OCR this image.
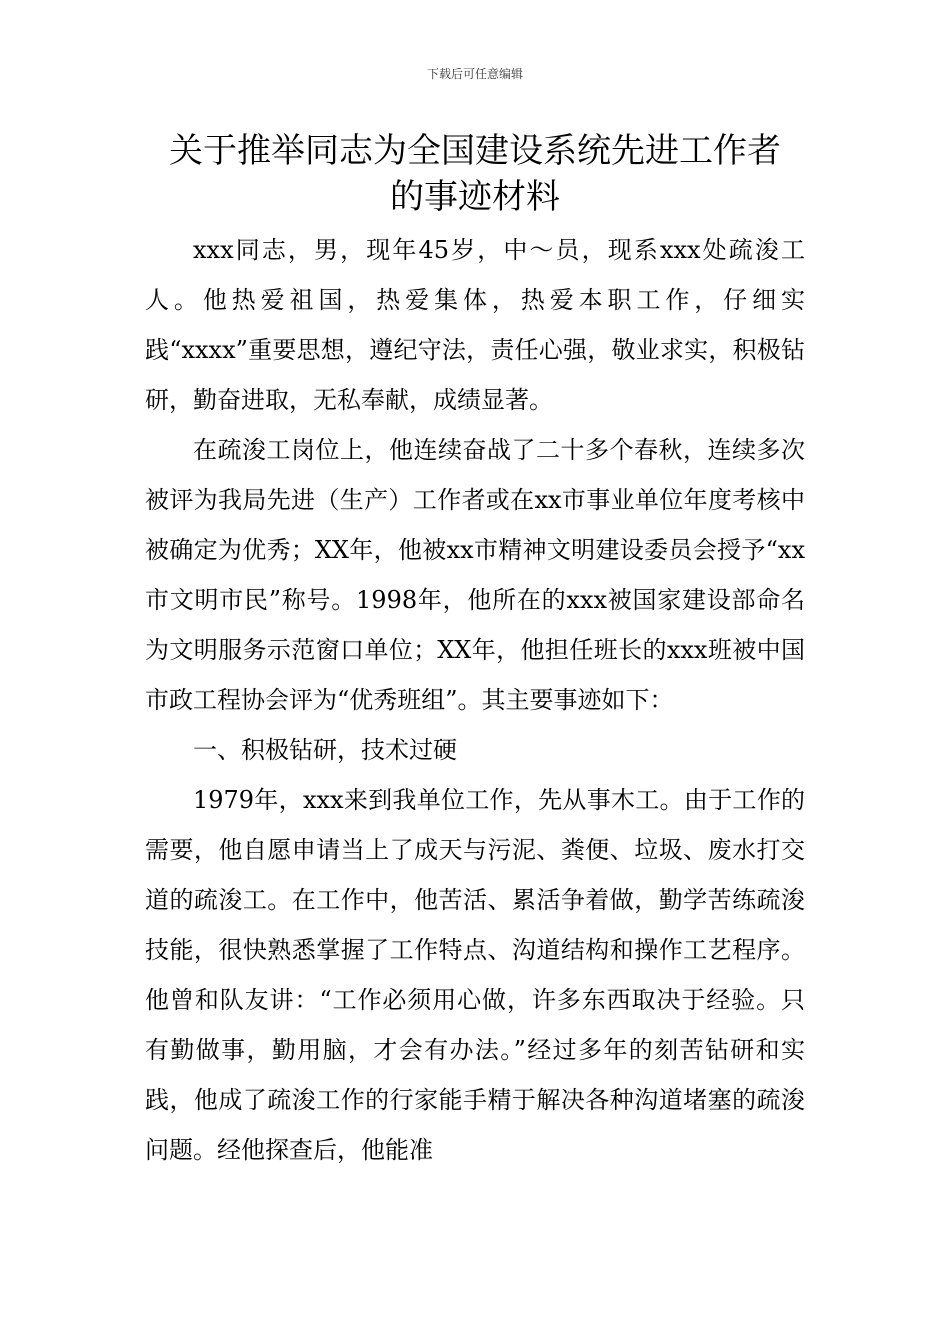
下载后可任意编辑
关于推举同志为全国建设系统先进工作者
的事迹材料

xxx同志，男，现年45岁，中～员，现系xxx处疏浚工人。他热爱祖国，热爱集体，热爱本职工作，仔细实践“xxxx”重要思想，遵纪守法，责任心强，敬业求实，积极钻研，勤奋进取，无私奉献，成绩显著。

在疏浚工岗位上，他连续奋战了二十多个春秋，连续多次被评为我局先进（生产）工作者或在xx市事业单位年度考核中被确定为优秀；XX年，他被xx市精神文明建设委员会授予“xx市文明市民”称号。1998年，他所在的xxx被国家建设部命名为文明服务示范窗口单位；XX年，他担任班长的xxx班被中国市政工程协会评为“优秀班组”。其主要事迹如下：

一、积极钻研，技术过硬

1979年，xxx来到我单位工作，先从事木工。由于工作的需要，他自愿申请当上了成天与污泥、粪便、垃圾、废水打交道的疏浚工。在工作中，他苦活、累活争着做，勤学苦练疏浚技能，很快熟悉掌握了工作特点、沟道结构和操作工艺程序。他曾和队友讲：“工作必须用心做，许多东西取决于经验。只有勤做事，勤用脑，才会有办法。”经过多年的刻苦钻研和实践，他成了疏浚工作的行家能手精于解决各种沟道堵塞的疏浚问题。经他探查后，他能准
